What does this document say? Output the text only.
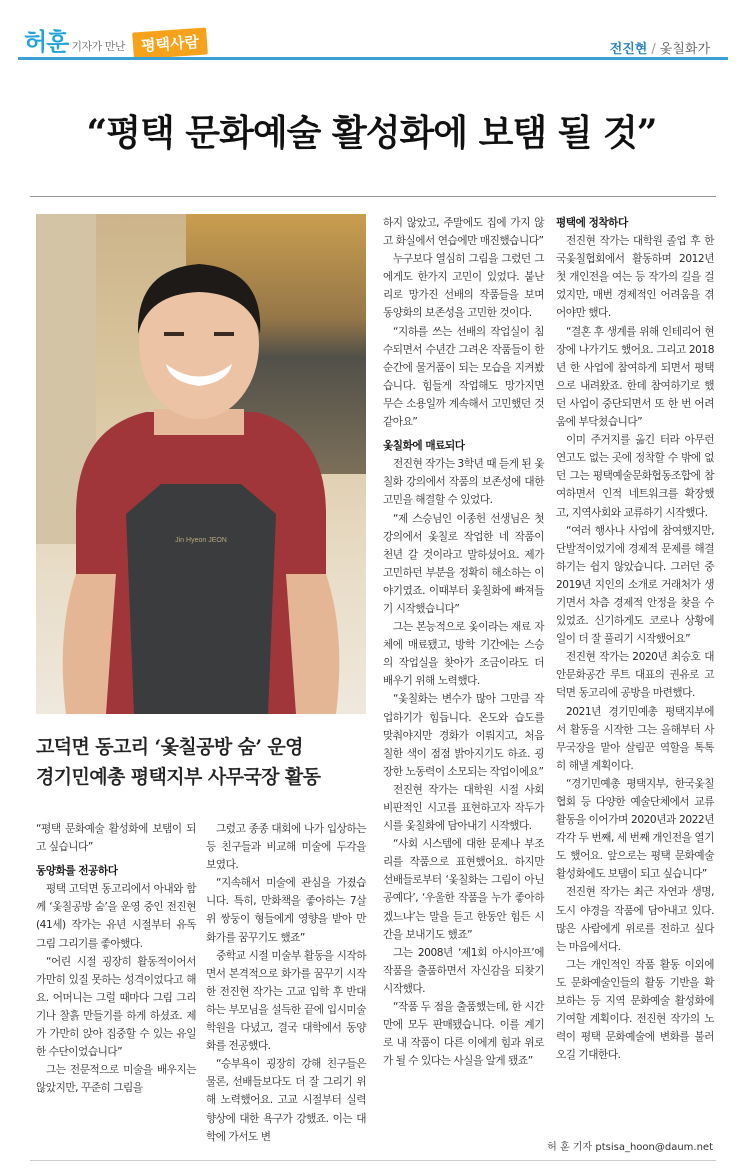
허훈 기자가 만난	평택사람	전진현 / 옻칠화가
“평택 문화예술 활성화에 보탬 될 것”
Jin Hyeon JEON
고덕면 동고리 ‘옻칠공방 숨’ 운영
경기민예총 평택지부 사무국장 활동

“평택 문화예술 활성화에 보탬이 되고 싶습니다”

동양화를 전공하다

평택 고덕면 동고리에서 아내와 함께 ‘옻칠공방 숨’을 운영 중인 전진현(41세) 작가는 유년 시절부터 유독 그림 그리기를 좋아했다.

“어린 시절 굉장히 활동적이어서 가만히 있질 못하는 성격이었다고 해요. 어머니는 그럴 때마다 그림 그리기나 찰흙 만들기를 하게 하셨죠. 제가 가만히 앉아 집중할 수 있는 유일한 수단이었습니다”

그는 전문적으로 미술을 배우지는 않았지만, 꾸준히 그림을

그렸고 종종 대회에 나가 입상하는 등 친구들과 비교해 미술에 두각을 보였다.

“지속해서 미술에 관심을 가졌습니다. 특히, 만화책을 좋아하는 7살 위 쌍둥이 형들에게 영향을 받아 만화가를 꿈꾸기도 했죠”

중학교 시절 미술부 활동을 시작하면서 본격적으로 화가를 꿈꾸기 시작한 전진현 작가는 고교 입학 후 반대하는 부모님을 설득한 끝에 입시미술학원을 다녔고, 결국 대학에서 동양화를 전공했다.

“승부욕이 굉장히 강해 친구들은 물론, 선배들보다도 더 잘 그리기 위해 노력했어요. 고교 시절부터 실력 향상에 대한 욕구가 강했죠. 이는 대학에 가서도 변

하지 않았고, 주말에도 집에 가지 않고 화실에서 연습에만 매진했습니다”

누구보다 열심히 그림을 그렸던 그에게도 한가지 고민이 있었다. 붙난리로 망가진 선배의 작품들을 보며 동양화의 보존성을 고민한 것이다.

“지하를 쓰는 선배의 작업실이 침수되면서 수년간 그려온 작품들이 한순간에 물거품이 되는 모습을 지켜봤습니다. 힘들게 작업해도 망가지면 무슨 소용일까 계속해서 고민했던 것 같아요”

옻칠화에 매료되다

전진현 작가는 3학년 때 듣게 된 옻칠화 강의에서 작품의 보존성에 대한 고민을 해결할 수 있었다.

“제 스승님인 이종헌 선생님은 첫 강의에서 옻칠로 작업한 네 작품이 천년 갈 것이라고 말하셨어요. 제가 고민하던 부분을 정확히 해소하는 이야기였죠. 이때부터 옻칠화에 빠져들기 시작했습니다”

그는 본능적으로 옻이라는 재료 자체에 매료됐고, 방학 기간에는 스승의 작업실을 찾아가 조금이라도 더 배우기 위해 노력했다.

“옻칠화는 변수가 많아 그만큼 작업하기가 힘듭니다. 온도와 습도를 맞춰야지만 경화가 이뤄지고, 처음 칠한 색이 점점 밝아지기도 하죠. 굉장한 노동력이 소모되는 작업이에요”

전진현 작가는 대학원 시절 사회 비판적인 시고를 표현하고자 작두가 시를 옻칠화에 담아내기 시작했다.

“사회 시스템에 대한 문제나 부조리를 작품으로 표현했어요. 하지만 선배들로부터 ‘옻칠화는 그림이 아닌 공예다’, ‘우울한 작품을 누가 좋아하겠느냐’는 말을 듣고 한동안 힘든 시간을 보내기도 했죠”

그는 2008년 ‘제1회 아시아프’에 작품을 출품하면서 자신감을 되찾기 시작했다.

“작품 두 점을 출품했는데, 한 시간 만에 모두 판매됐습니다. 이를 계기로 내 작품이 다른 이에게 힘과 위로가 될 수 있다는 사실을 알게 됐죠”

평택에 정착하다

전진현 작가는 대학원 졸업 후 한국옻칠협회에서 활동하며 2012년 첫 개인전을 여는 등 작가의 길을 걸었지만, 매번 경제적인 어려움을 겪어야만 했다.

“결혼 후 생계를 위해 인테리어 현장에 나가기도 했어요. 그리고 2018년 한 사업에 참여하게 되면서 평택으로 내려왔죠. 한데 참여하기로 했던 사업이 중단되면서 또 한 번 어려움에 부닥쳤습니다”

이미 주거지를 옮긴 터라 아무런 연고도 없는 곳에 정착할 수 밖에 없던 그는 평택예술문화협동조합에 참여하면서 인적 네트워크를 확장했고, 지역사회와 교류하기 시작했다.

“여러 행사나 사업에 참여했지만, 단발적이었기에 경제적 문제를 해결하기는 쉽지 않았습니다. 그러던 중 2019년 지인의 소개로 거래처가 생기면서 차츰 경제적 안정을 찾을 수 있었죠. 신기하게도 코로나 상황에 일이 더 잘 풀리기 시작했어요”

전진현 작가는 2020년 최승호 대안문화공간 루트 대표의 권유로 고덕면 동고리에 공방을 마련했다.

2021년 경기민예총 평택지부에서 활동을 시작한 그는 올해부터 사무국장을 맡아 살림꾼 역할을 톡톡히 해낼 계획이다.

“경기민예총 평택지부, 한국옻칠협회 등 다양한 예술단체에서 교류 활동을 이어가며 2020년과 2022년 각각 두 번째, 세 번째 개인전을 열기도 했어요. 앞으로는 평택 문화예술 활성화에도 보탬이 되고 싶습니다”

전진현 작가는 최근 자연과 생명, 도시 야경을 작품에 담아내고 있다. 많은 사람에게 위로를 전하고 싶다는 마음에서다.

그는 개인적인 작품 활동 이외에도 문화예술인들의 활동 기반을 확보하는 등 지역 문화예술 활성화에 기여할 계획이다. 전진현 작가의 노력이 평택 문화예술에 변화를 불러오길 기대한다.

허 훈 기자 ptsisa_hoon@daum.net
